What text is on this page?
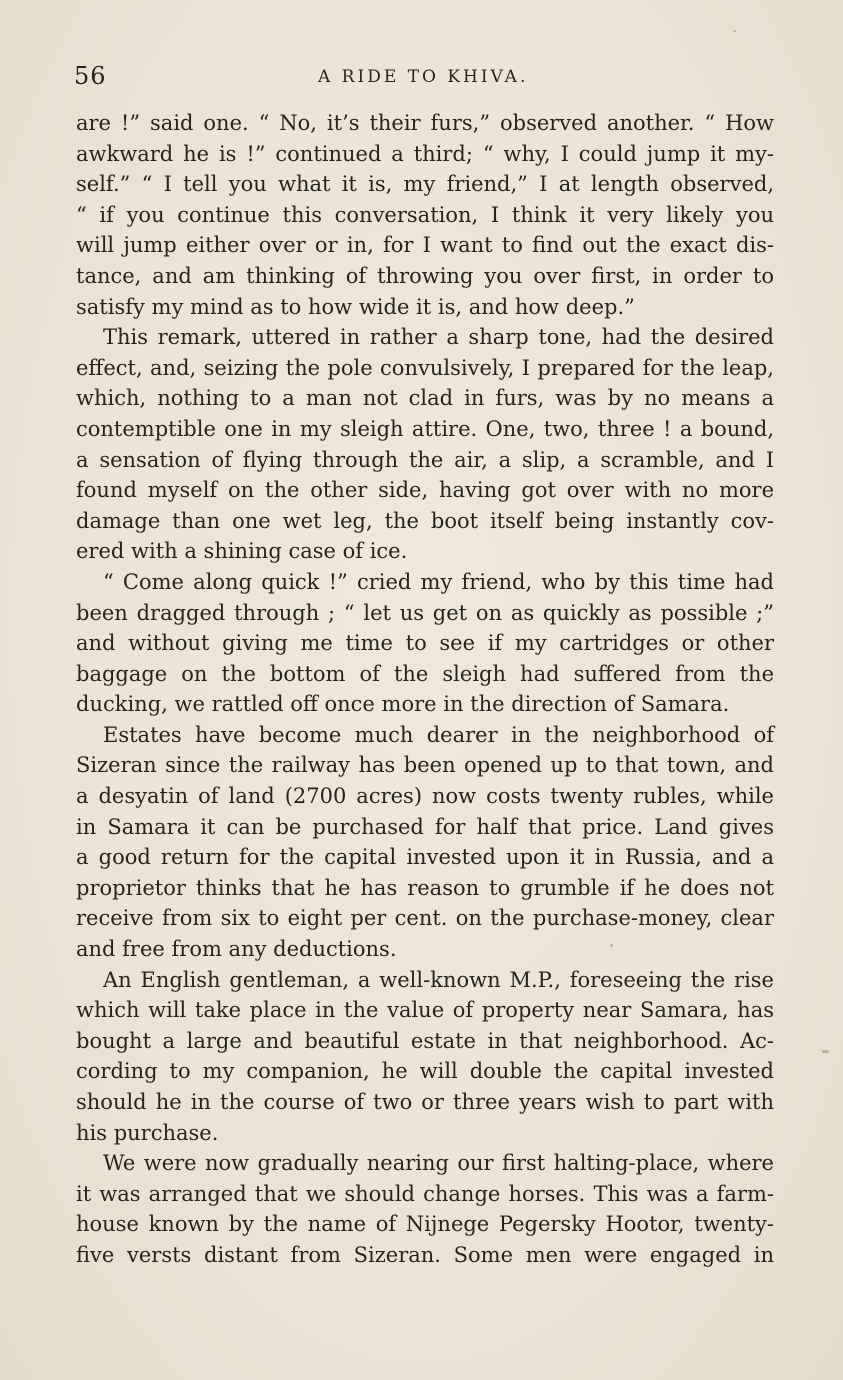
56	A RIDE TO KHIVA.
are !” said one. “ No, it’s their furs,” observed another. “ How
awkward he is !” continued a third; “ why, I could jump it my-
self.” “ I tell you what it is, my friend,” I at length observed,
“ if you continue this conversation, I think it very likely you
will jump either over or in, for I want to find out the exact dis-
tance, and am thinking of throwing you over first, in order to
satisfy my mind as to how wide it is, and how deep.”
This remark, uttered in rather a sharp tone, had the desired
effect, and, seizing the pole convulsively, I prepared for the leap,
which, nothing to a man not clad in furs, was by no means a
contemptible one in my sleigh attire. One, two, three ! a bound,
a sensation of flying through the air, a slip, a scramble, and I
found myself on the other side, having got over with no more
damage than one wet leg, the boot itself being instantly cov-
ered with a shining case of ice.
“ Come along quick !” cried my friend, who by this time had
been dragged through ; “ let us get on as quickly as possible ;”
and without giving me time to see if my cartridges or other
baggage on the bottom of the sleigh had suffered from the
ducking, we rattled off once more in the direction of Samara.
Estates have become much dearer in the neighborhood of
Sizeran since the railway has been opened up to that town, and
a desyatin of land (2700 acres) now costs twenty rubles, while
in Samara it can be purchased for half that price. Land gives
a good return for the capital invested upon it in Russia, and a
proprietor thinks that he has reason to grumble if he does not
receive from six to eight per cent. on the purchase-money, clear
and free from any deductions.
An English gentleman, a well-known M.P., foreseeing the rise
which will take place in the value of property near Samara, has
bought a large and beautiful estate in that neighborhood. Ac-
cording to my companion, he will double the capital invested
should he in the course of two or three years wish to part with
his purchase.
We were now gradually nearing our first halting-place, where
it was arranged that we should change horses. This was a farm-
house known by the name of Nijnege Pegersky Hootor, twenty-
five versts distant from Sizeran. Some men were engaged in
